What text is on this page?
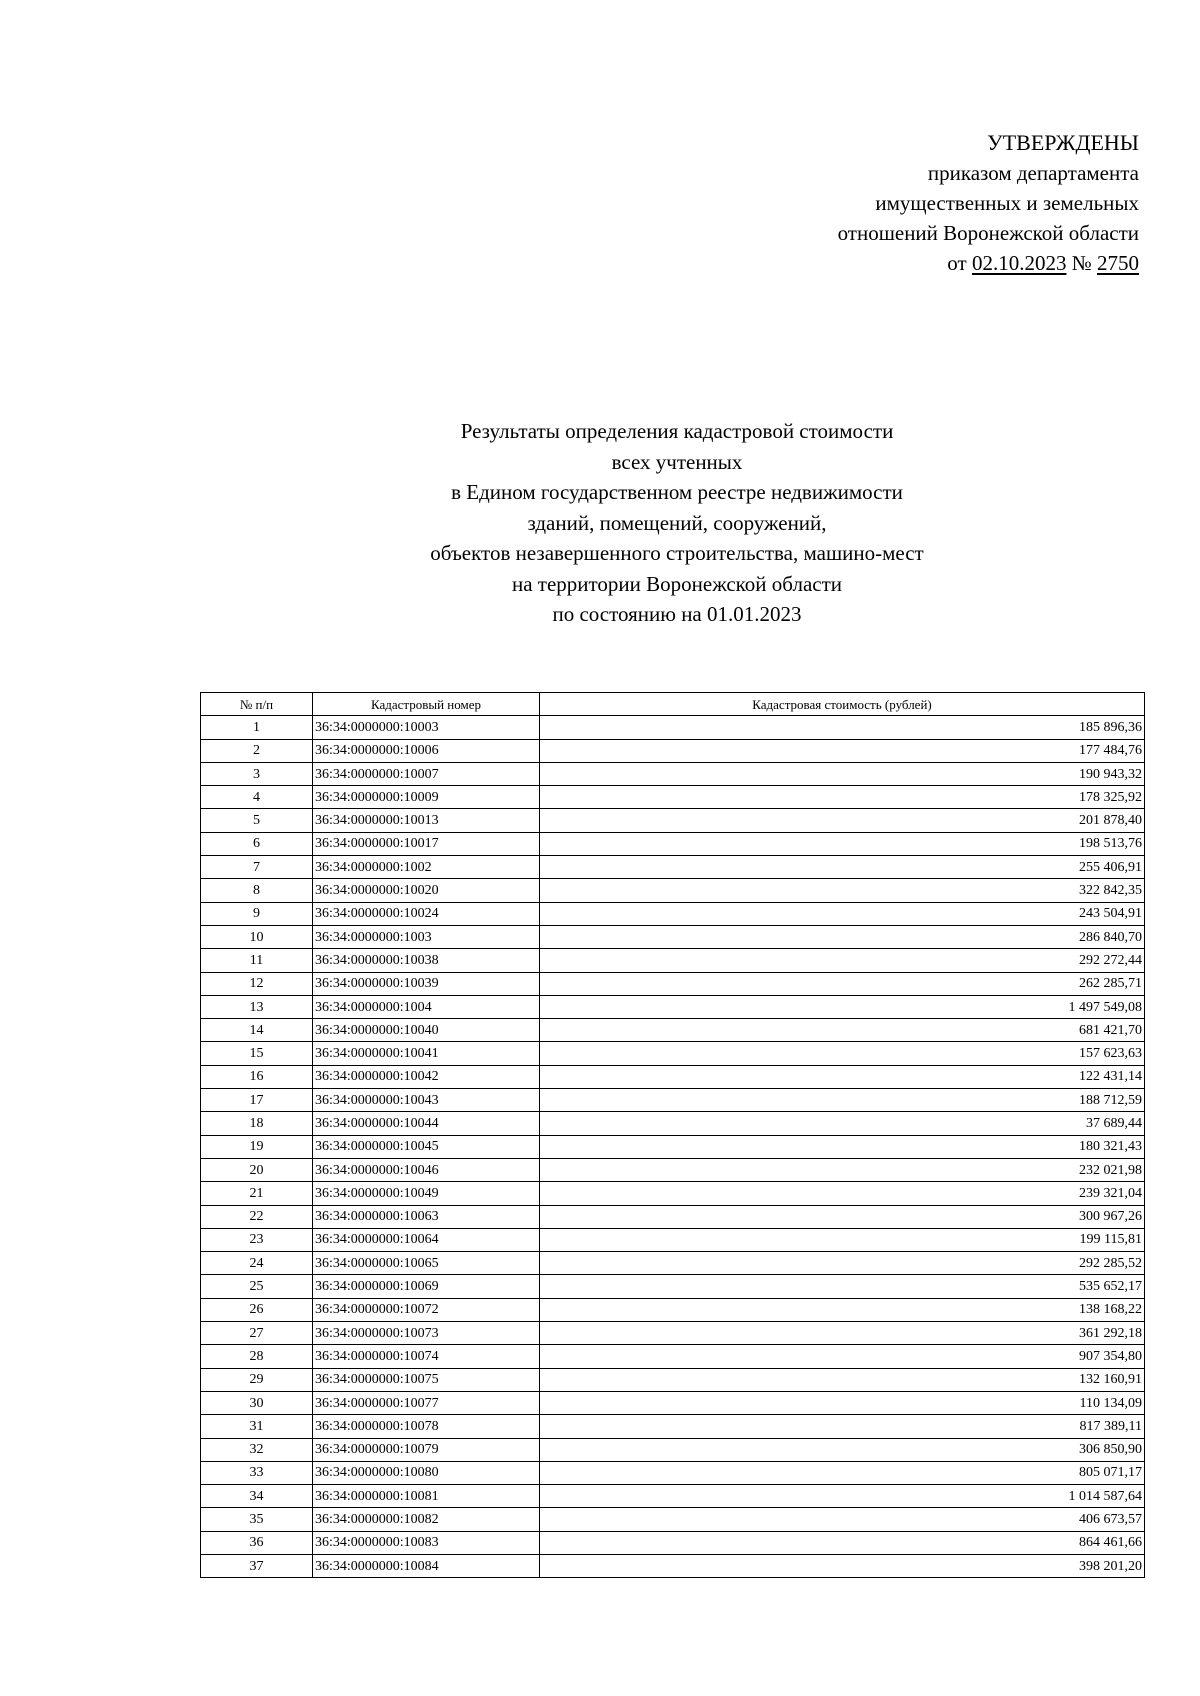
УТВЕРЖДЕНЫ
приказом департамента
имущественных и земельных
отношений Воронежской области
от 02.10.2023 № 2750
Результаты определения кадастровой стоимости
всех учтенных
в Едином государственном реестре недвижимости
зданий, помещений, сооружений,
объектов незавершенного строительства, машино-мест
на территории Воронежской области
по состоянию на 01.01.2023
№ п/п	Кадастровый номер	Кадастровая стоимость (рублей)
1	36:34:0000000:10003	185 896,36
2	36:34:0000000:10006	177 484,76
3	36:34:0000000:10007	190 943,32
4	36:34:0000000:10009	178 325,92
5	36:34:0000000:10013	201 878,40
6	36:34:0000000:10017	198 513,76
7	36:34:0000000:1002	255 406,91
8	36:34:0000000:10020	322 842,35
9	36:34:0000000:10024	243 504,91
10	36:34:0000000:1003	286 840,70
11	36:34:0000000:10038	292 272,44
12	36:34:0000000:10039	262 285,71
13	36:34:0000000:1004	1 497 549,08
14	36:34:0000000:10040	681 421,70
15	36:34:0000000:10041	157 623,63
16	36:34:0000000:10042	122 431,14
17	36:34:0000000:10043	188 712,59
18	36:34:0000000:10044	37 689,44
19	36:34:0000000:10045	180 321,43
20	36:34:0000000:10046	232 021,98
21	36:34:0000000:10049	239 321,04
22	36:34:0000000:10063	300 967,26
23	36:34:0000000:10064	199 115,81
24	36:34:0000000:10065	292 285,52
25	36:34:0000000:10069	535 652,17
26	36:34:0000000:10072	138 168,22
27	36:34:0000000:10073	361 292,18
28	36:34:0000000:10074	907 354,80
29	36:34:0000000:10075	132 160,91
30	36:34:0000000:10077	110 134,09
31	36:34:0000000:10078	817 389,11
32	36:34:0000000:10079	306 850,90
33	36:34:0000000:10080	805 071,17
34	36:34:0000000:10081	1 014 587,64
35	36:34:0000000:10082	406 673,57
36	36:34:0000000:10083	864 461,66
37	36:34:0000000:10084	398 201,20
